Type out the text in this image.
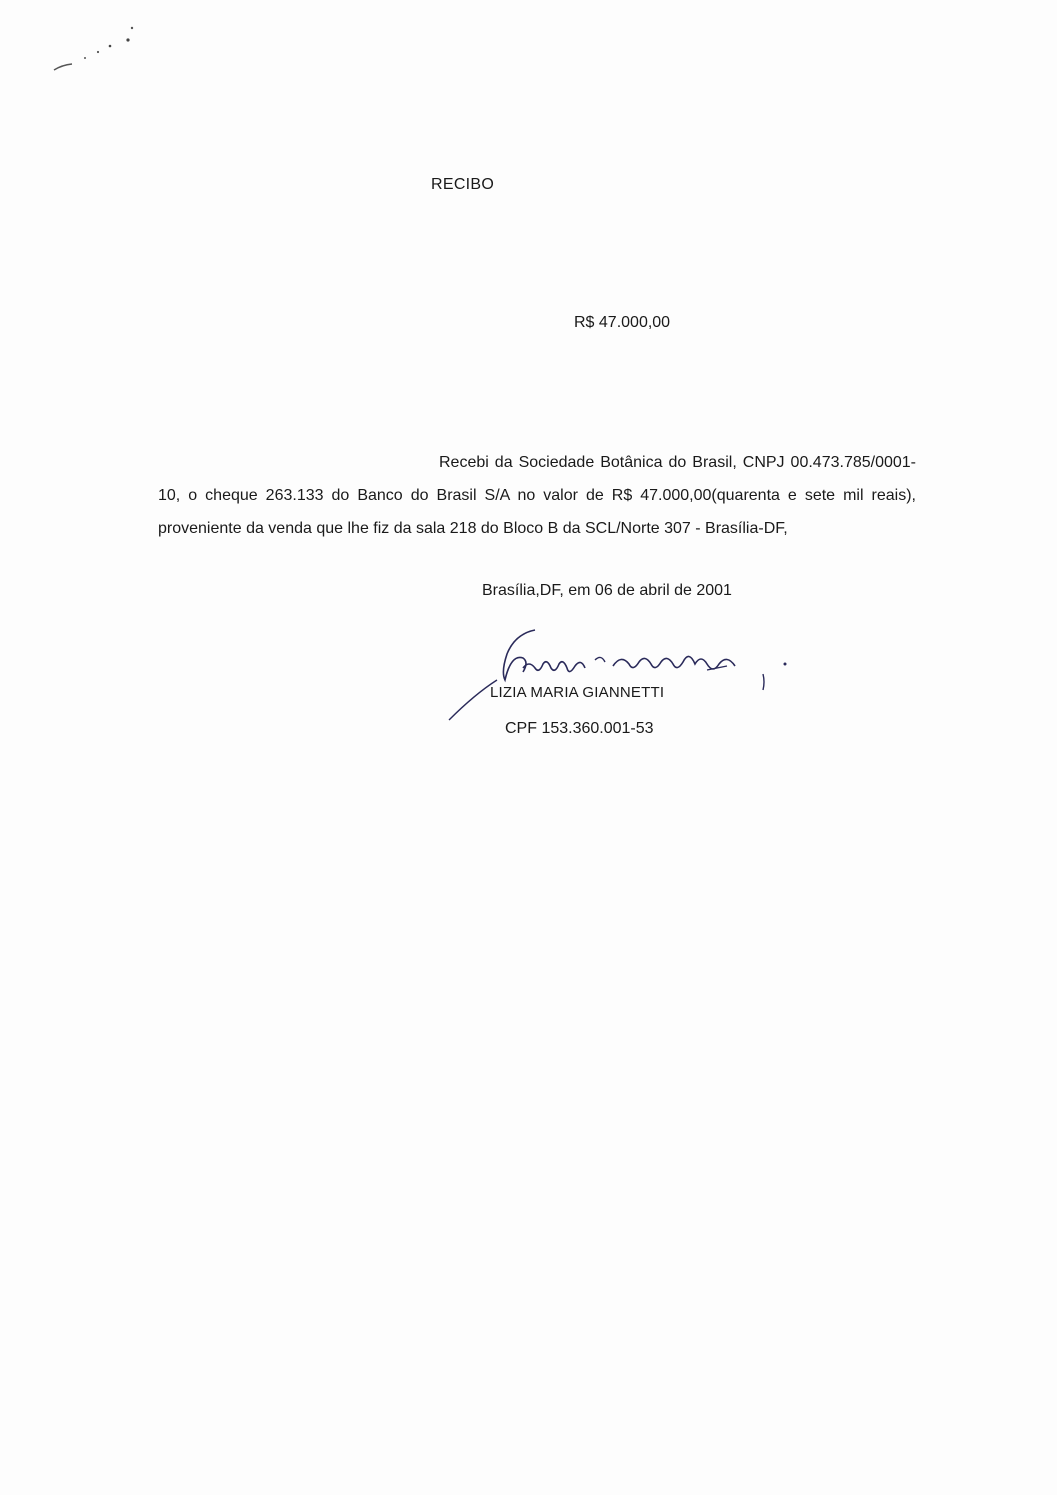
RECIBO
R$ 47.000,00
Recebi da Sociedade Botânica do Brasil, CNPJ 00.473.785/0001-10, o cheque 263.133 do Banco do Brasil S/A no valor de R$ 47.000,00(quarenta e sete mil reais), proveniente da venda que lhe fiz da sala 218 do Bloco B da SCL/Norte 307 - Brasília-DF,
Brasília,DF, em 06 de abril de 2001
LIZIA MARIA GIANNETTI
CPF 153.360.001-53
